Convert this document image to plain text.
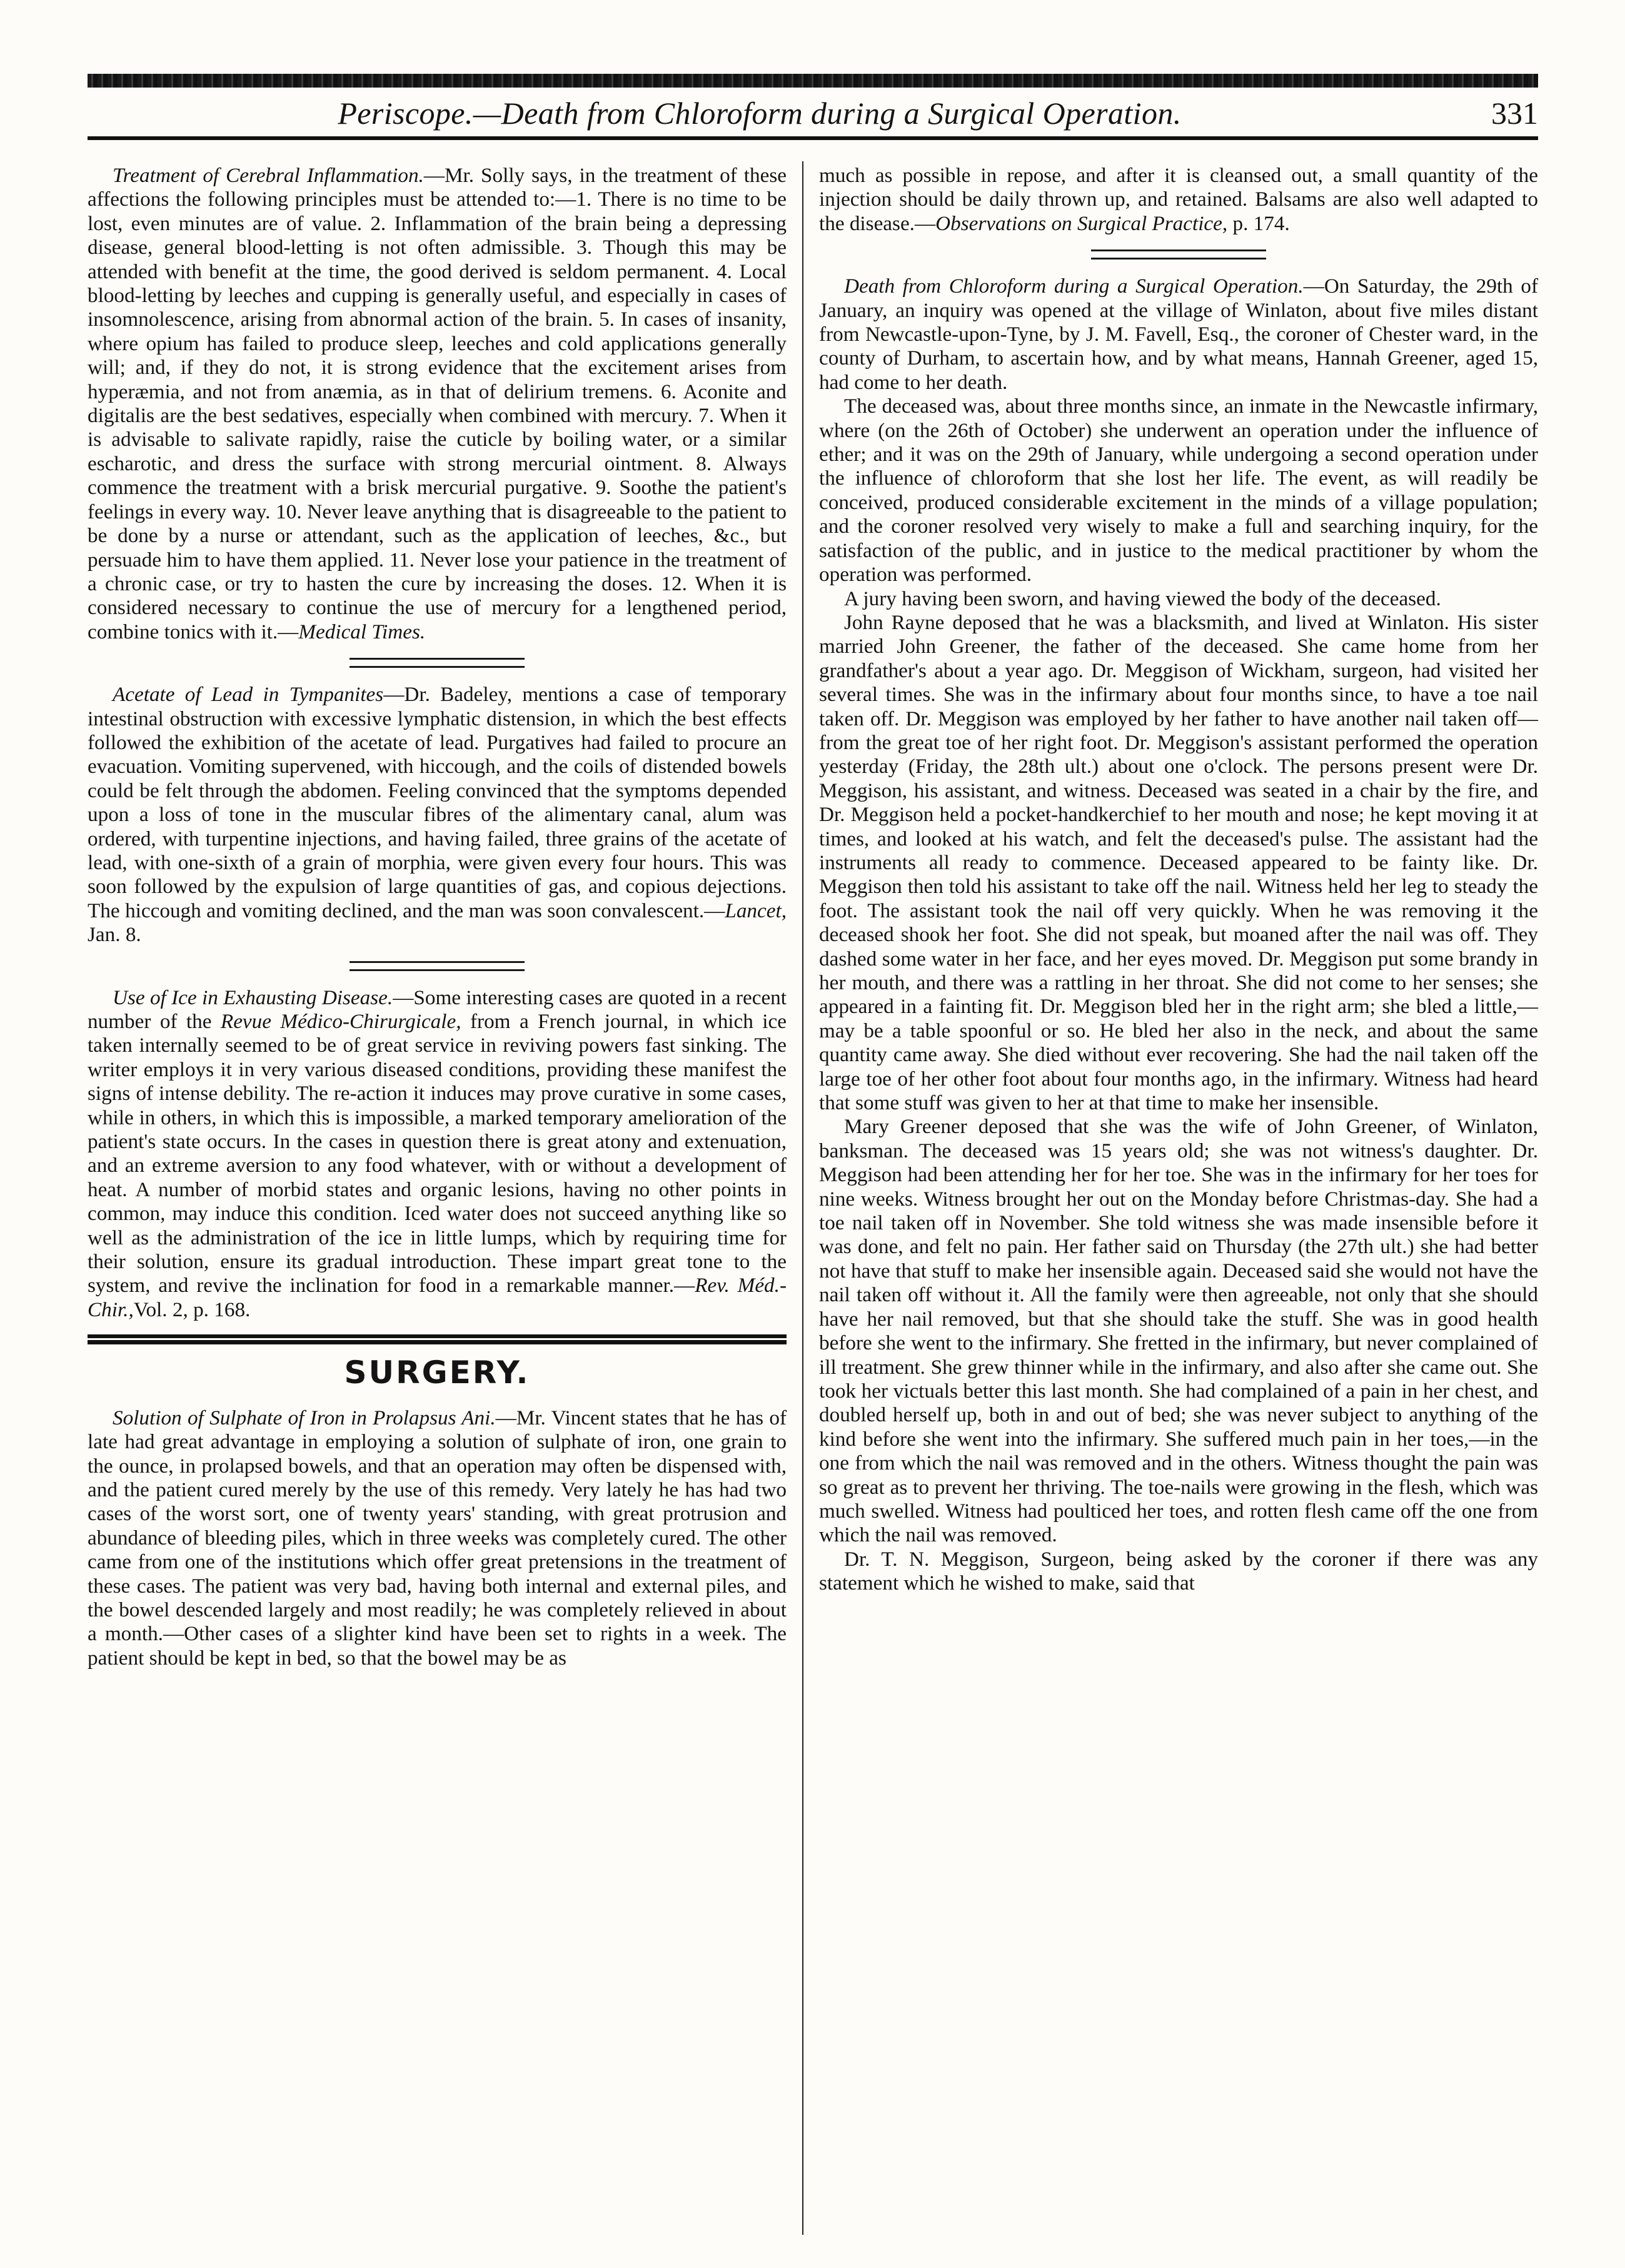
Periscope.—Death from Chloroform during a Surgical Operation.	331

Treatment of Cerebral Inflammation.—Mr. Solly says, in the treatment of these affections the following principles must be attended to:—1. There is no time to be lost, even minutes are of value. 2. Inflammation of the brain being a depressing disease, general blood-letting is not often admissible. 3. Though this may be attended with benefit at the time, the good derived is seldom permanent. 4. Local blood-letting by leeches and cupping is generally useful, and especially in cases of insomnolescence, arising from abnormal action of the brain. 5. In cases of insanity, where opium has failed to produce sleep, leeches and cold applications generally will; and, if they do not, it is strong evidence that the excitement arises from hyperæmia, and not from anæmia, as in that of delirium tremens. 6. Aconite and digitalis are the best sedatives, especially when combined with mercury. 7. When it is advisable to salivate rapidly, raise the cuticle by boiling water, or a similar escharotic, and dress the surface with strong mercurial ointment. 8. Always commence the treatment with a brisk mercurial purgative. 9. Soothe the patient's feelings in every way. 10. Never leave anything that is disagreeable to the patient to be done by a nurse or attendant, such as the application of leeches, &c., but persuade him to have them applied. 11. Never lose your patience in the treatment of a chronic case, or try to hasten the cure by increasing the doses. 12. When it is considered necessary to continue the use of mercury for a lengthened period, combine tonics with it.—Medical Times.

Acetate of Lead in Tympanites—Dr. Badeley, mentions a case of temporary intestinal obstruction with excessive lymphatic distension, in which the best effects followed the exhibition of the acetate of lead. Purgatives had failed to procure an evacuation. Vomiting supervened, with hiccough, and the coils of distended bowels could be felt through the abdomen. Feeling convinced that the symptoms depended upon a loss of tone in the muscular fibres of the alimentary canal, alum was ordered, with turpentine injections, and having failed, three grains of the acetate of lead, with one-sixth of a grain of morphia, were given every four hours. This was soon followed by the expulsion of large quantities of gas, and copious dejections. The hiccough and vomiting declined, and the man was soon convalescent.—Lancet, Jan. 8.

Use of Ice in Exhausting Disease.—Some interesting cases are quoted in a recent number of the Revue Médico-Chirurgicale, from a French journal, in which ice taken internally seemed to be of great service in reviving powers fast sinking. The writer employs it in very various diseased conditions, providing these manifest the signs of intense debility. The re-action it induces may prove curative in some cases, while in others, in which this is impossible, a marked temporary amelioration of the patient's state occurs. In the cases in question there is great atony and extenuation, and an extreme aversion to any food whatever, with or without a development of heat. A number of morbid states and organic lesions, having no other points in common, may induce this condition. Iced water does not succeed anything like so well as the administration of the ice in little lumps, which by requiring time for their solution, ensure its gradual introduction. These impart great tone to the system, and revive the inclination for food in a remarkable manner.—Rev. Méd.-Chir.,Vol. 2, p. 168.

SURGERY.

Solution of Sulphate of Iron in Prolapsus Ani.—Mr. Vincent states that he has of late had great advantage in employing a solution of sulphate of iron, one grain to the ounce, in prolapsed bowels, and that an operation may often be dispensed with, and the patient cured merely by the use of this remedy. Very lately he has had two cases of the worst sort, one of twenty years' standing, with great protrusion and abundance of bleeding piles, which in three weeks was completely cured. The other came from one of the institutions which offer great pretensions in the treatment of these cases. The patient was very bad, having both internal and external piles, and the bowel descended largely and most readily; he was completely relieved in about a month.—Other cases of a slighter kind have been set to rights in a week. The patient should be kept in bed, so that the bowel may be as

much as possible in repose, and after it is cleansed out, a small quantity of the injection should be daily thrown up, and retained. Balsams are also well adapted to the disease.—Observations on Surgical Practice, p. 174.

Death from Chloroform during a Surgical Operation.—On Saturday, the 29th of January, an inquiry was opened at the village of Winlaton, about five miles distant from Newcastle-upon-Tyne, by J. M. Favell, Esq., the coroner of Chester ward, in the county of Durham, to ascertain how, and by what means, Hannah Greener, aged 15, had come to her death.

The deceased was, about three months since, an inmate in the Newcastle infirmary, where (on the 26th of October) she underwent an operation under the influence of ether; and it was on the 29th of January, while undergoing a second operation under the influence of chloroform that she lost her life. The event, as will readily be conceived, produced considerable excitement in the minds of a village population; and the coroner resolved very wisely to make a full and searching inquiry, for the satisfaction of the public, and in justice to the medical practitioner by whom the operation was performed.

A jury having been sworn, and having viewed the body of the deceased.

John Rayne deposed that he was a blacksmith, and lived at Winlaton. His sister married John Greener, the father of the deceased. She came home from her grandfather's about a year ago. Dr. Meggison of Wickham, surgeon, had visited her several times. She was in the infirmary about four months since, to have a toe nail taken off. Dr. Meggison was employed by her father to have another nail taken off—from the great toe of her right foot. Dr. Meggison's assistant performed the operation yesterday (Friday, the 28th ult.) about one o'clock. The persons present were Dr. Meggison, his assistant, and witness. Deceased was seated in a chair by the fire, and Dr. Meggison held a pocket-handkerchief to her mouth and nose; he kept moving it at times, and looked at his watch, and felt the deceased's pulse. The assistant had the instruments all ready to commence. Deceased appeared to be fainty like. Dr. Meggison then told his assistant to take off the nail. Witness held her leg to steady the foot. The assistant took the nail off very quickly. When he was removing it the deceased shook her foot. She did not speak, but moaned after the nail was off. They dashed some water in her face, and her eyes moved. Dr. Meggison put some brandy in her mouth, and there was a rattling in her throat. She did not come to her senses; she appeared in a fainting fit. Dr. Meggison bled her in the right arm; she bled a little,—may be a table spoonful or so. He bled her also in the neck, and about the same quantity came away. She died without ever recovering. She had the nail taken off the large toe of her other foot about four months ago, in the infirmary. Witness had heard that some stuff was given to her at that time to make her insensible.

Mary Greener deposed that she was the wife of John Greener, of Winlaton, banksman. The deceased was 15 years old; she was not witness's daughter. Dr. Meggison had been attending her for her toe. She was in the infirmary for her toes for nine weeks. Witness brought her out on the Monday before Christmas-day. She had a toe nail taken off in November. She told witness she was made insensible before it was done, and felt no pain. Her father said on Thursday (the 27th ult.) she had better not have that stuff to make her insensible again. Deceased said she would not have the nail taken off without it. All the family were then agreeable, not only that she should have her nail removed, but that she should take the stuff. She was in good health before she went to the infirmary. She fretted in the infirmary, but never complained of ill treatment. She grew thinner while in the infirmary, and also after she came out. She took her victuals better this last month. She had complained of a pain in her chest, and doubled herself up, both in and out of bed; she was never subject to anything of the kind before she went into the infirmary. She suffered much pain in her toes,—in the one from which the nail was removed and in the others. Witness thought the pain was so great as to prevent her thriving. The toe-nails were growing in the flesh, which was much swelled. Witness had poulticed her toes, and rotten flesh came off the one from which the nail was removed.

Dr. T. N. Meggison, Surgeon, being asked by the coroner if there was any statement which he wished to make, said that
